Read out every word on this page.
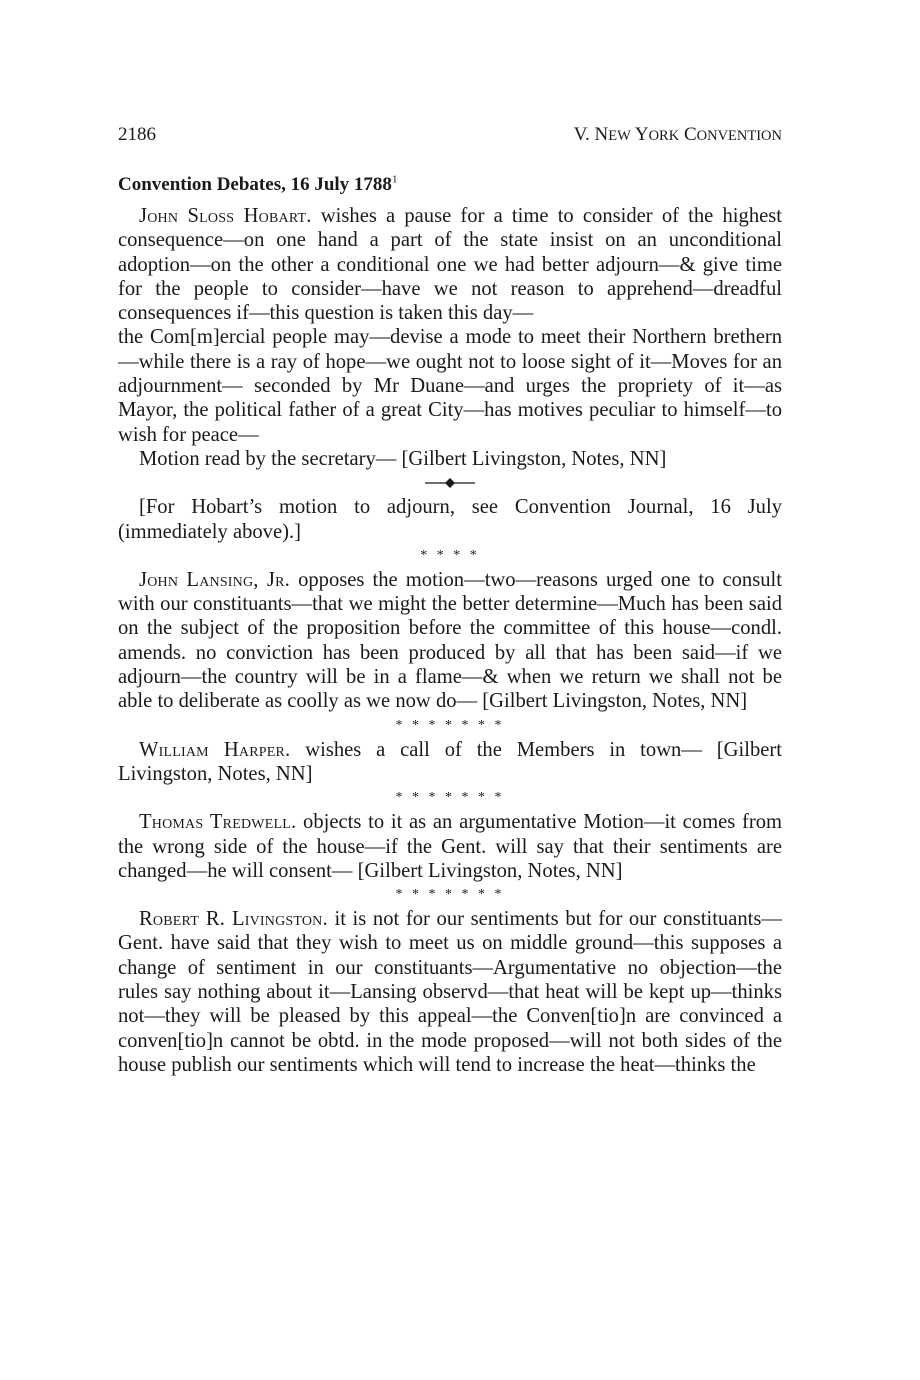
2186	V. NEW YORK CONVENTION
Convention Debates, 16 July 1788$^1$

John Sloss Hobart. wishes a pause for a time to consider of the highest consequence—on one hand a part of the state insist on an unconditional adoption—on the other a conditional one we had better adjourn—& give time for the people to consider—have we not reason to apprehend—dreadful consequences if—this question is taken this day—

the Com[m]ercial people may—devise a mode to meet their Northern brethern—while there is a ray of hope—we ought not to loose sight of it—Moves for an adjournment— seconded by Mr Duane—and urges the propriety of it—as Mayor, the political father of a great City—has motives peculiar to himself—to wish for peace—

Motion read by the secretary— [Gilbert Livingston, Notes, NN]

[For Hobart’s motion to adjourn, see Convention Journal, 16 July (immediately above).]

* * * *

John Lansing, Jr. opposes the motion—two—reasons urged one to consult with our constituants—that we might the better determine—Much has been said on the subject of the proposition before the committee of this house—condl. amends. no conviction has been produced by all that has been said—if we adjourn—the country will be in a flame—& when we return we shall not be able to deliberate as coolly as we now do— [Gilbert Livingston, Notes, NN]

* * * * * * *

William Harper. wishes a call of the Members in town— [Gilbert Livingston, Notes, NN]

* * * * * * *

Thomas Tredwell. objects to it as an argumentative Motion—it comes from the wrong side of the house—if the Gent. will say that their sentiments are changed—he will consent— [Gilbert Livingston, Notes, NN]

* * * * * * *

Robert R. Livingston. it is not for our sentiments but for our constituants—Gent. have said that they wish to meet us on middle ground—this supposes a change of sentiment in our constituants—Argumentative no objection—the rules say nothing about it—Lansing observd—that heat will be kept up—thinks not—they will be pleased by this appeal—the Conven[tio]n are convinced a conven[tio]n cannot be obtd. in the mode proposed—will not both sides of the house publish our sentiments which will tend to increase the heat—thinks the
